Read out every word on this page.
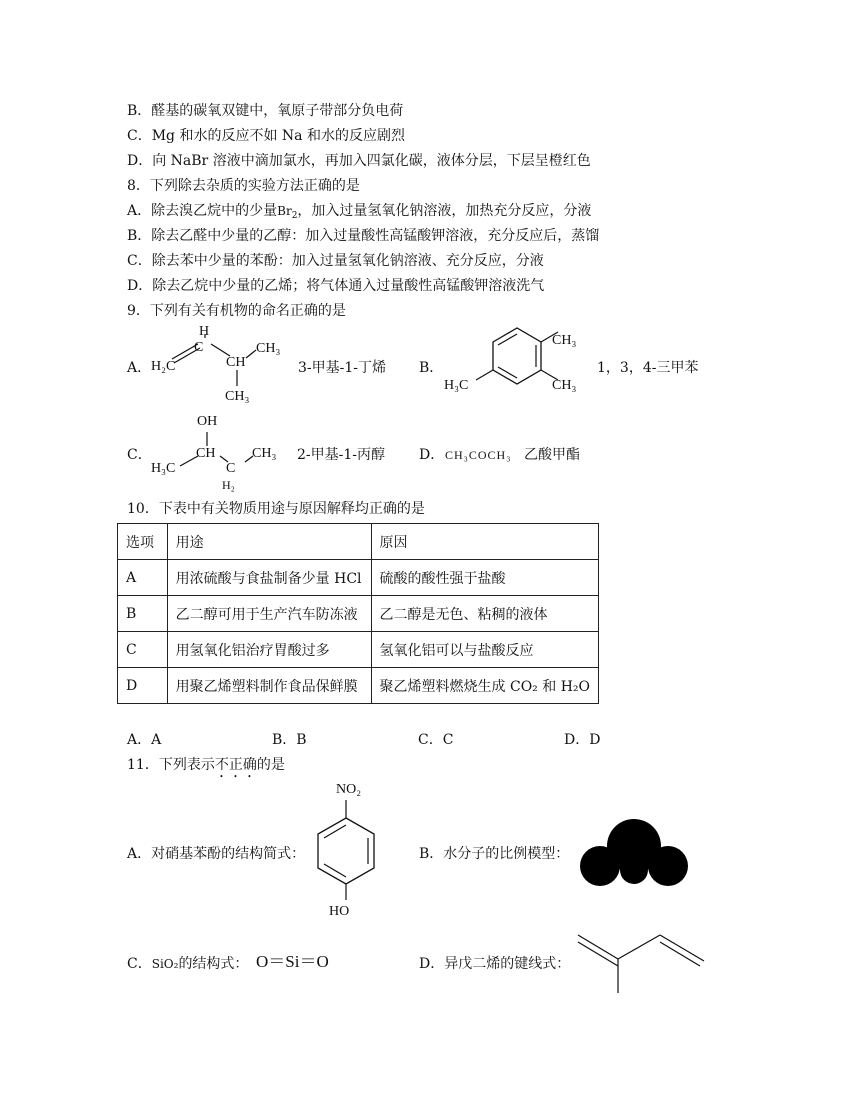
B．醛基的碳氧双键中，氧原子带部分负电荷
C．Mg 和水的反应不如 Na 和水的反应剧烈
D．向 NaBr 溶液中滴加氯水，再加入四氯化碳，液体分层，下层呈橙红色
8．下列除去杂质的实验方法正确的是
A．除去溴乙烷中的少量$Br_2$，加入过量氢氧化钠溶液，加热充分反应，分液
B．除去乙醛中少量的乙醇：加入过量酸性高锰酸钾溶液，充分反应后，蒸馏
C．除去苯中少量的苯酚：加入过量氢氧化钠溶液、充分反应，分液
D．除去乙烷中少量的乙烯；将气体通入过量酸性高锰酸钾溶液洗气
9．下列有关有机物的命名正确的是
A．
H
C
H₂C	CH
CH₃
CH₃
3-甲基-1-丁烯 B．
CH₃
CH₃
H₃C
1，3，4-三甲苯
C．
OH
CH
H₃C	C
H₂
CH₃ 2-甲基-1-丙醇 D． CH₃COCH₃ 乙酸甲酯
10．下表中有关物质用途与原因解释均正确的是
选项	用途	原因
A	用浓硫酸与食盐制备少量 HCl	硫酸的酸性强于盐酸
B	乙二醇可用于生产汽车防冻液	乙二醇是无色、粘稠的液体
C	用氢氧化铝治疗胃酸过多	氢氧化铝可以与盐酸反应
D	用聚乙烯塑料制作食品保鲜膜	聚乙烯塑料燃烧生成 CO₂ 和 H₂O
A．A	B．B	C．C	D．D
11．下列表示不正确的是
A．对硝基苯酚的结构简式：
NO₂
HO
B．水分子的比例模型：
C．SiO₂的结构式： O＝Si＝O	D．异戊二烯的键线式：
